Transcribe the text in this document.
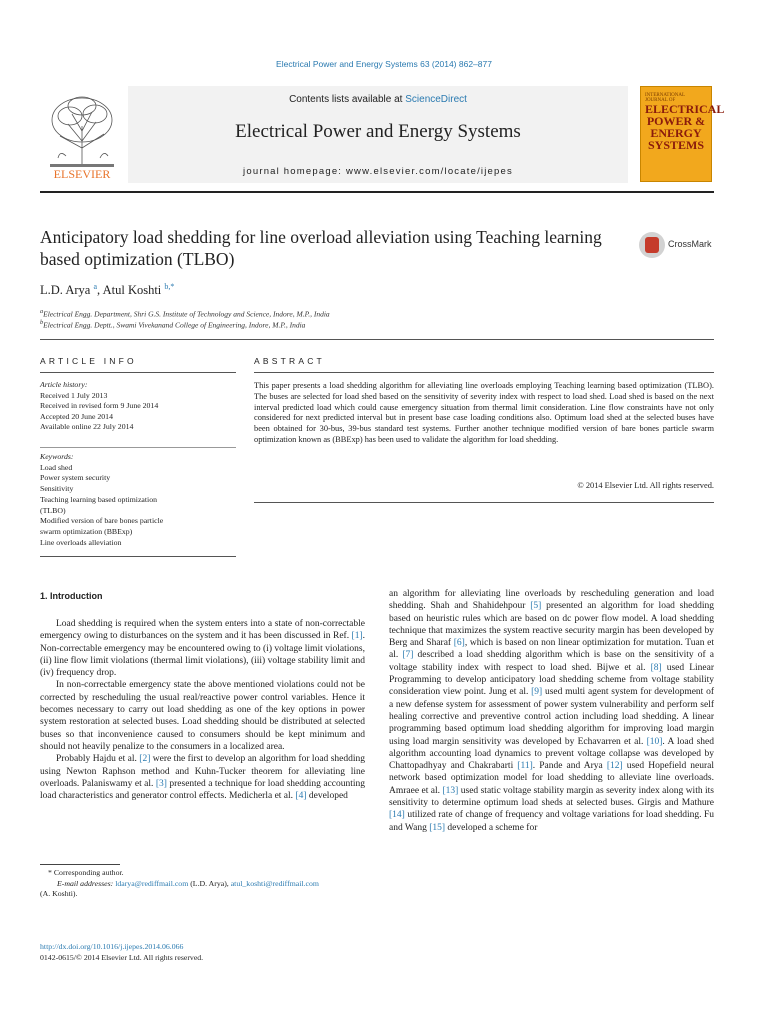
Electrical Power and Energy Systems 63 (2014) 862–877
ELSEVIER
Contents lists available at ScienceDirect
Electrical Power and Energy Systems
journal homepage: www.elsevier.com/locate/ijepes
INTERNATIONAL JOURNAL OF
ELECTRICAL POWER & ENERGY SYSTEMS
Anticipatory load shedding for line overload alleviation using Teaching learning based optimization (TLBO)
CrossMark
L.D. Arya $^a$, Atul Koshti $^{b,*}$
$^a$Electrical Engg. Department, Shri G.S. Institute of Technology and Science, Indore, M.P., India
$^b$Electrical Engg. Deptt., Swami Vivekanand College of Engineering, Indore, M.P., India
ARTICLE INFO	ABSTRACT
Article history:
Received 1 July 2013
Received in revised form 9 June 2014
Accepted 20 June 2014
Available online 22 July 2014
Keywords:
Load shed
Power system security
Sensitivity
Teaching learning based optimization
(TLBO)
Modified version of bare bones particle
swarm optimization (BBExp)
Line overloads alleviation
This paper presents a load shedding algorithm for alleviating line overloads employing Teaching learning based optimization (TLBO). The buses are selected for load shed based on the sensitivity of severity index with respect to load shed. Load shed is based on the next interval predicted load which could cause emergency situation from thermal limit consideration. Line flow constraints have not only considered for next predicted interval but in present base case loading conditions also. Optimum load shed at the selected buses have been obtained for 30-bus, 39-bus standard test systems. Further another technique modified version of bare bones particle swarm optimization known as (BBExp) has been used to validate the algorithm for load shedding.
© 2014 Elsevier Ltd. All rights reserved.
1. Introduction

Load shedding is required when the system enters into a state of non-correctable emergency owing to disturbances on the system and it has been discussed in Ref. [1]. Non-correctable emergency may be encountered owing to (i) voltage limit violations, (ii) line flow limit violations (thermal limit violations), (iii) voltage stability limit and (iv) frequency drop.

In non-correctable emergency state the above mentioned violations could not be corrected by rescheduling the usual real/reactive power control variables. Hence it becomes necessary to carry out load shedding as one of the key options in power system restoration at selected buses. Load shedding should be distributed at selected buses so that inconvenience caused to consumers should be kept minimum and should not heavily penalize to the consumers in a localized area.

Probably Hajdu et al. [2] were the first to develop an algorithm for load shedding using Newton Raphson method and Kuhn-Tucker theorem for alleviating line overloads. Palaniswamy et al. [3] presented a technique for load shedding accounting load characteristics and generator control effects. Medicherla et al. [4] developed

an algorithm for alleviating line overloads by rescheduling generation and load shedding. Shah and Shahidehpour [5] presented an algorithm for load shedding based on heuristic rules which are based on dc power flow model. A load shedding technique that maximizes the system reactive security margin has been developed by Berg and Sharaf [6], which is based on non linear optimization for mutation. Tuan et al. [7] described a load shedding algorithm which is base on the sensitivity of a voltage stability index with respect to load shed. Bijwe et al. [8] used Linear Programming to develop anticipatory load shedding scheme from voltage stability consideration view point. Jung et al. [9] used multi agent system for development of a new defense system for assessment of power system vulnerability and perform self healing corrective and preventive control action including load shedding. A linear programming based optimum load shedding algorithm for improving load margin using load margin sensitivity was developed by Echavarren et al. [10]. A load shed algorithm accounting load dynamics to prevent voltage collapse was developed by Chattopadhyay and Chakrabarti [11]. Pande and Arya [12] used Hopefield neural network based optimization model for load shedding to alleviate line overloads. Amraee et al. [13] used static voltage stability margin as severity index along with its sensitivity to determine optimum load sheds at selected buses. Girgis and Mathure [14] utilized rate of change of frequency and voltage variations for load shedding. Fu and Wang [15] developed a scheme for

* Corresponding author.
E-mail addresses: ldarya@rediffmail.com (L.D. Arya), atul_koshti@rediffmail.com
(A. Koshti).
http://dx.doi.org/10.1016/j.ijepes.2014.06.066
0142-0615/© 2014 Elsevier Ltd. All rights reserved.
